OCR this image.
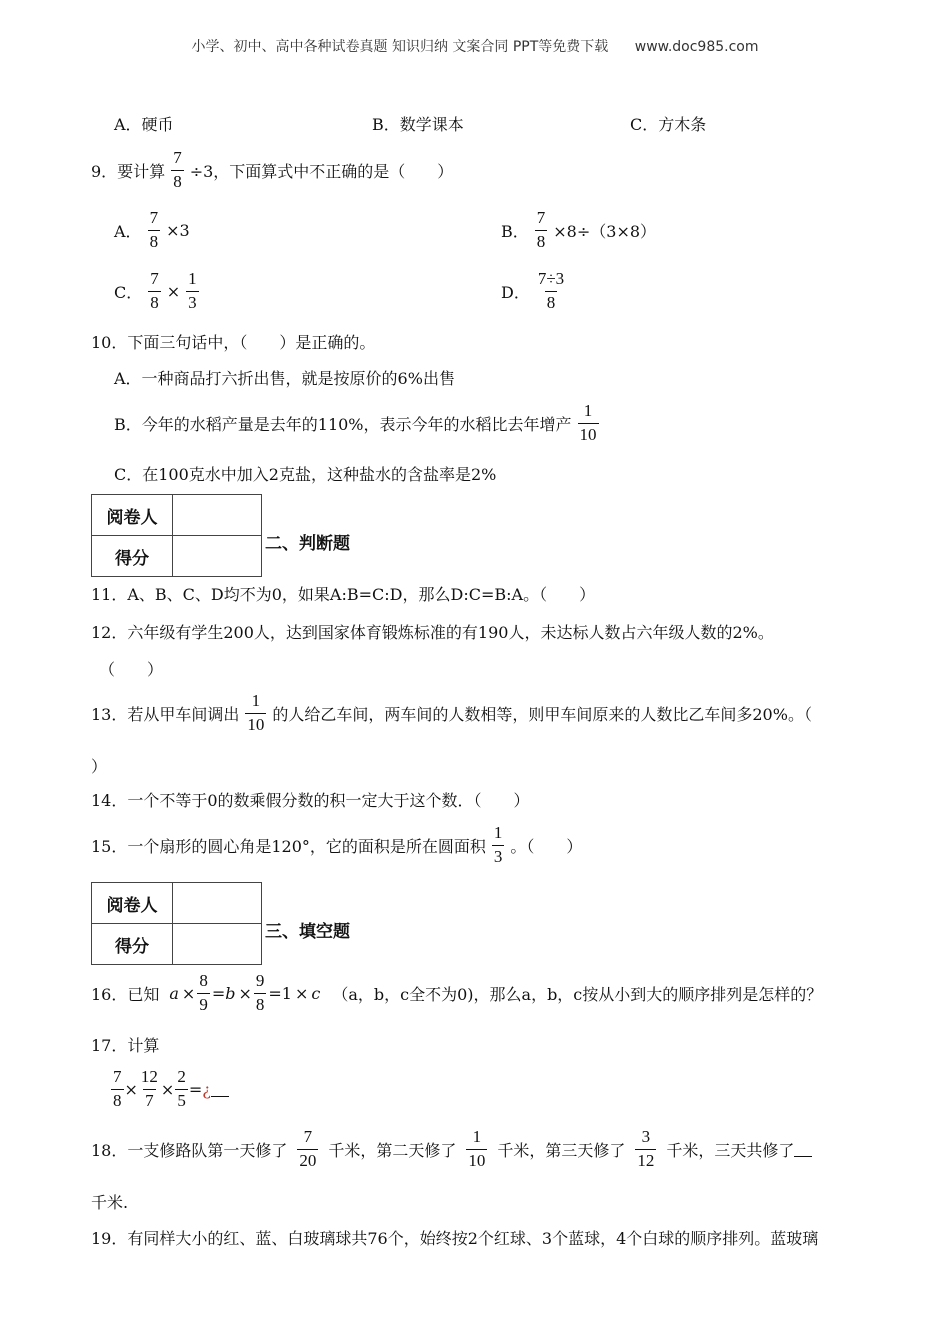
小学、初中、高中各种试卷真题 知识归纳 文案合同 PPT等免费下载 www.doc985.com
A．硬币	B．数学课本	C．方木条
9．要计算 $\frac{7}{8} \div 3$，下面算式中不正确的是（　　）
A． $\frac{7}{8} \times 3$	B． $\frac{7}{8} \times 8\div(3\times 8)$
C． $\frac{7}{8} \times \frac{1}{3}$	D． $\frac{7\div 3}{8}$
10．下面三句话中，（　　）是正确的。
A．一种商品打六折出售，就是按原价的6%出售
B．今年的水稻产量是去年的110%，表示今年的水稻比去年增产 $\frac{1}{10}$
C．在100克水中加入2克盐，这种盐水的含盐率是2%
阅卷人	
得分	
二、判断题
11．A、B、C、D均不为0，如果A:B=C:D，那么D:C=B:A。（　　）
12．六年级有学生200人，达到国家体育锻炼标准的有190人，未达标人数占六年级人数的2%。
（　　）
13．若从甲车间调出 $\frac{1}{10}$ 的人给乙车间，两车间的人数相等，则甲车间原来的人数比乙车间多20%。（
）
14．一个不等于0的数乘假分数的积一定大于这个数．（　　）
15．一个扇形的圆心角是120°，它的面积是所在圆面积 $\frac{1}{3}$ 。（　　）
阅卷人	
得分	
三、填空题
16．已知 $a \times \frac{8}{9} = b \times \frac{9}{8} = 1 \times c$ （a，b，c全不为0)，那么a，b，c按从小到大的顺序排列是怎样的？
17．计算
$\frac{7}{8} \times \frac{12}{7} \times \frac{2}{5}$ = ¿
18．一支修路队第一天修了 $\frac{7}{20}$ 千米，第二天修了 $\frac{1}{10}$ 千米，第三天修了 $\frac{3}{12}$ 千米，三天共修了
千米.
19．有同样大小的红、蓝、白玻璃球共76个，始终按2个红球、3个蓝球，4个白球的顺序排列。蓝玻璃
